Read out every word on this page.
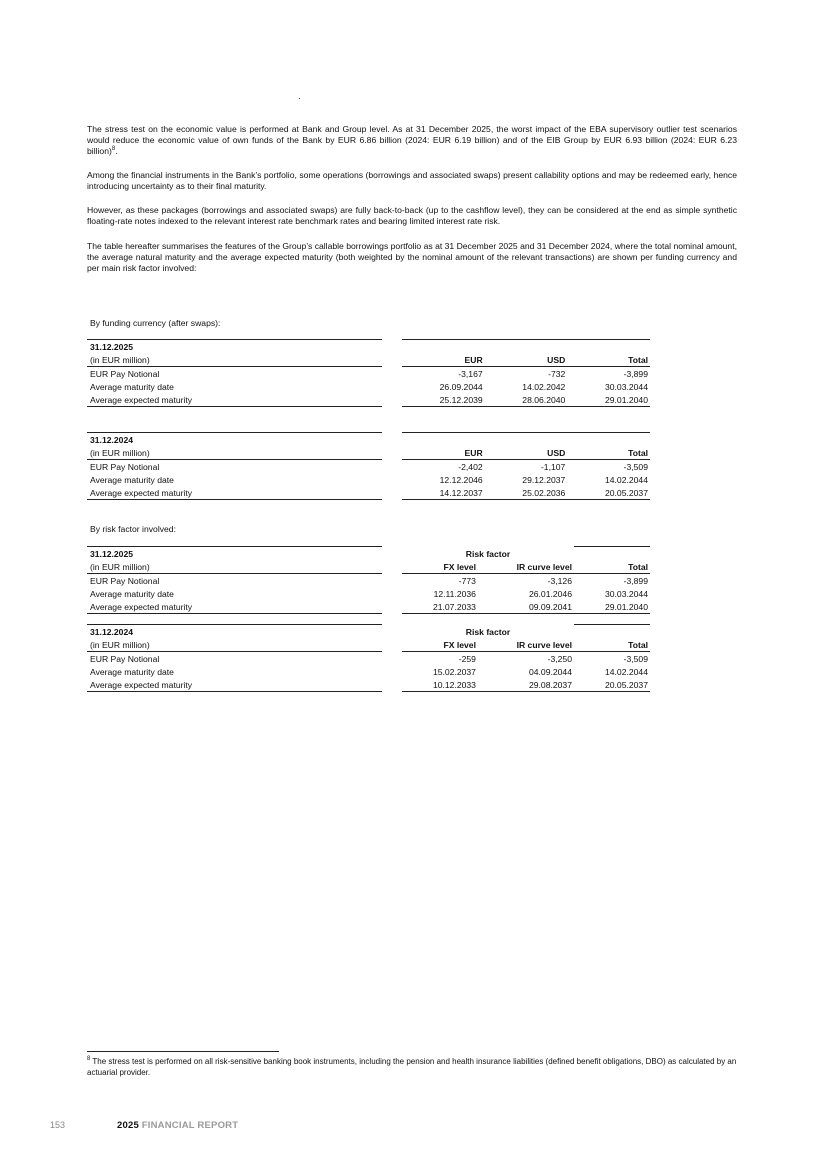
The stress test on the economic value is performed at Bank and Group level. As at 31 December 2025, the worst impact of the EBA supervisory outlier test scenarios would reduce the economic value of own funds of the Bank by EUR 6.86 billion (2024: EUR 6.19 billion) and of the EIB Group by EUR 6.93 billion (2024: EUR 6.23 billion)$^8$.

Among the financial instruments in the Bank’s portfolio, some operations (borrowings and associated swaps) present callability options and may be redeemed early, hence introducing uncertainty as to their final maturity.

However, as these packages (borrowings and associated swaps) are fully back-to-back (up to the cashflow level), they can be considered at the end as simple synthetic floating-rate notes indexed to the relevant interest rate benchmark rates and bearing limited interest rate risk.

The table hereafter summarises the features of the Group’s callable borrowings portfolio as at 31 December 2025 and 31 December 2024, where the total nominal amount, the average natural maturity and the average expected maturity (both weighted by the nominal amount of the relevant transactions) are shown per funding currency and per main risk factor involved:

By funding currency (after swaps):

31.12.2025				
(in EUR million)		EUR	USD	Total
EUR Pay Notional		-3,167	-732	-3,899
Average maturity date		26.09.2044	14.02.2042	30.03.2044
Average expected maturity		25.12.2039	28.06.2040	29.01.2040
31.12.2024				
(in EUR million)		EUR	USD	Total
EUR Pay Notional		-2,402	-1,107	-3,509
Average maturity date		12.12.2046	29.12.2037	14.02.2044
Average expected maturity		14.12.2037	25.02.2036	20.05.2037

By risk factor involved:

31.12.2025		Risk factor		
(in EUR million)		FX level	IR curve level	Total
EUR Pay Notional		-773	-3,126	-3,899
Average maturity date		12.11.2036	26.01.2046	30.03.2044
Average expected maturity		21.07.2033	09.09.2041	29.01.2040
31.12.2024		Risk factor		
(in EUR million)		FX level	IR curve level	Total
EUR Pay Notional		-259	-3,250	-3,509
Average maturity date		15.02.2037	04.09.2044	14.02.2044
Average expected maturity		10.12.2033	29.08.2037	20.05.2037

$^8$ The stress test is performed on all risk-sensitive banking book instruments, including the pension and health insurance liabilities (defined benefit obligations, DBO) as calculated by an actuarial provider.

153	2025 FINANCIAL REPORT
